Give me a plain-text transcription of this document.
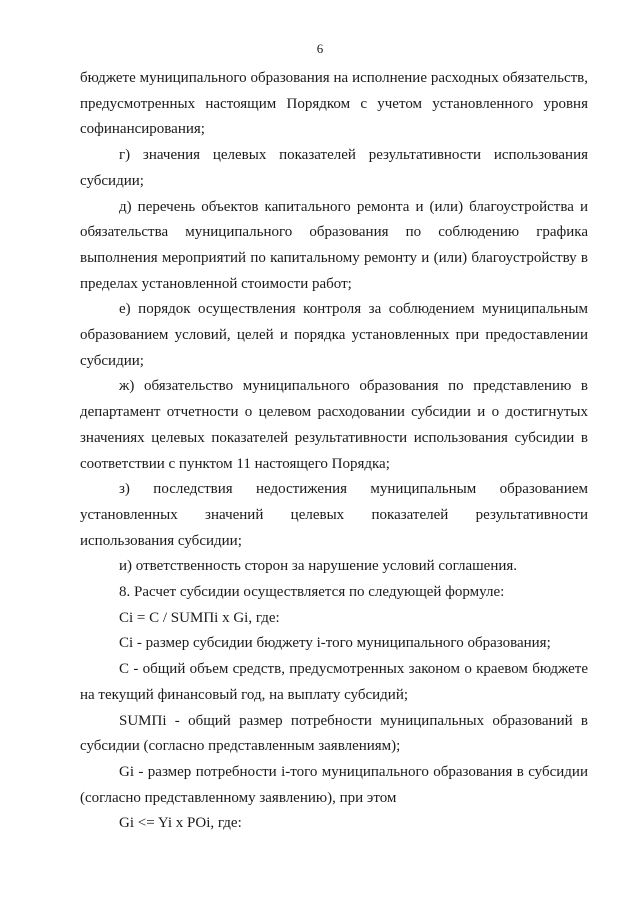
6

бюджете муниципального образования на исполнение расходных обязательств, предусмотренных настоящим Порядком с учетом установленного уровня софинансирования;

г) значения целевых показателей результативности использования субсидии;

д) перечень объектов капитального ремонта и (или) благоустройства и обязательства муниципального образования по соблюдению графика выполнения мероприятий по капитальному ремонту и (или) благоустройству в пределах установленной стоимости работ;

е) порядок осуществления контроля за соблюдением муниципальным образованием условий, целей и порядка установленных при предоставлении субсидии;

ж) обязательство муниципального образования по представлению в департамент отчетности о целевом расходовании субсидии и о достигнутых значениях целевых показателей результативности использования субсидии в соответствии с пунктом 11 настоящего Порядка;

з) последствия недостижения муниципальным образованием установленных значений целевых показателей результативности использования субсидии;

и) ответственность сторон за нарушение условий соглашения.

8. Расчет субсидии осуществляется по следующей формуле:

Ci = C / SUMПi x Gi, где:

Ci - размер субсидии бюджету i-того муниципального образования;

C - общий объем средств, предусмотренных законом о краевом бюджете на текущий финансовый год, на выплату субсидий;

SUMПi - общий размер потребности муниципальных образований в субсидии (согласно представленным заявлениям);

Gi - размер потребности i-того муниципального образования в субсидии (согласно представленному заявлению), при этом

Gi <= Yi x POi, где:
